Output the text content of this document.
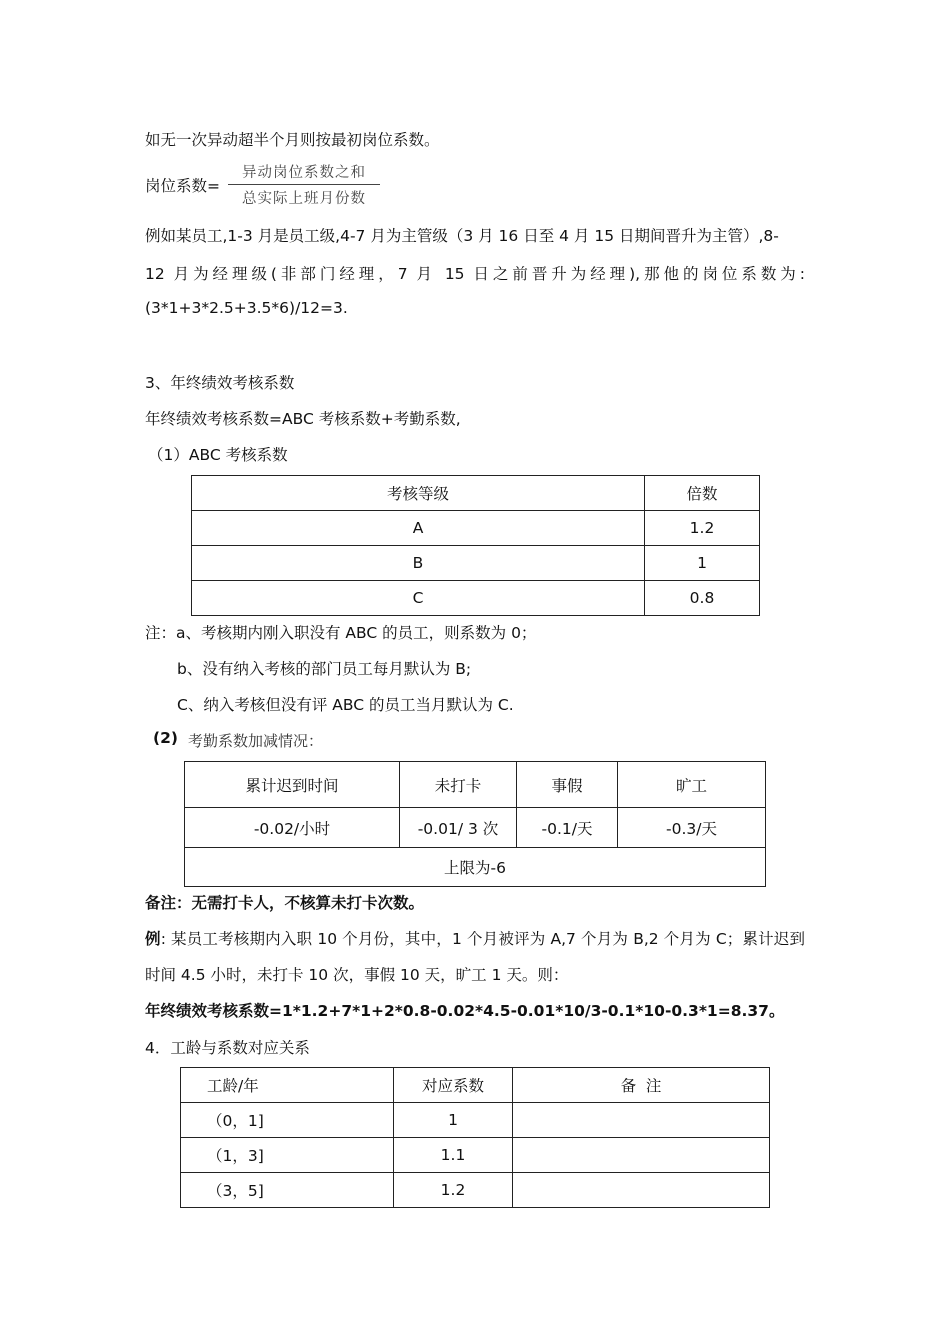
如无一次异动超半个月则按最初岗位系数。
岗位系数=
异动岗位系数之和
总实际上班月份数
例如某员工,1-3 月是员工级,4-7 月为主管级（3 月 16 日至 4 月 15 日期间晋升为主管）,8-
12 月为经理级(非部门经理，7 月 15 日之前晋升为经理),那他的岗位系数为:
(3*1+3*2.5+3.5*6)/12=3.
3、年终绩效考核系数
年终绩效考核系数=ABC 考核系数+考勤系数,
（1）ABC 考核系数
考核等级	倍数
A	1.2
B	1
C	0.8
注：a、考核期内刚入职没有 ABC 的员工，则系数为 0；
b、没有纳入考核的部门员工每月默认为 B;
C、纳入考核但没有评 ABC 的员工当月默认为 C.
(2) 考勤系数加减情况：
累计迟到时间	未打卡	事假	旷工
-0.02/小时	-0.01/ 3 次	-0.1/天	-0.3/天
上限为-6			
备注：无需打卡人，不核算未打卡次数。
例: 某员工考核期内入职 10 个月份，其中，1 个月被评为 A,7 个月为 B,2 个月为 C；累计迟到
时间 4.5 小时，未打卡 10 次，事假 10 天，旷工 1 天。则：
年终绩效考核系数=1*1.2+7*1+2*0.8-0.02*4.5-0.01*10/3-0.1*10-0.3*1=8.37。
4．工龄与系数对应关系
工龄/年	对应系数	备  注
（0，1]	1	
（1，3]	1.1	
（3，5]	1.2	
